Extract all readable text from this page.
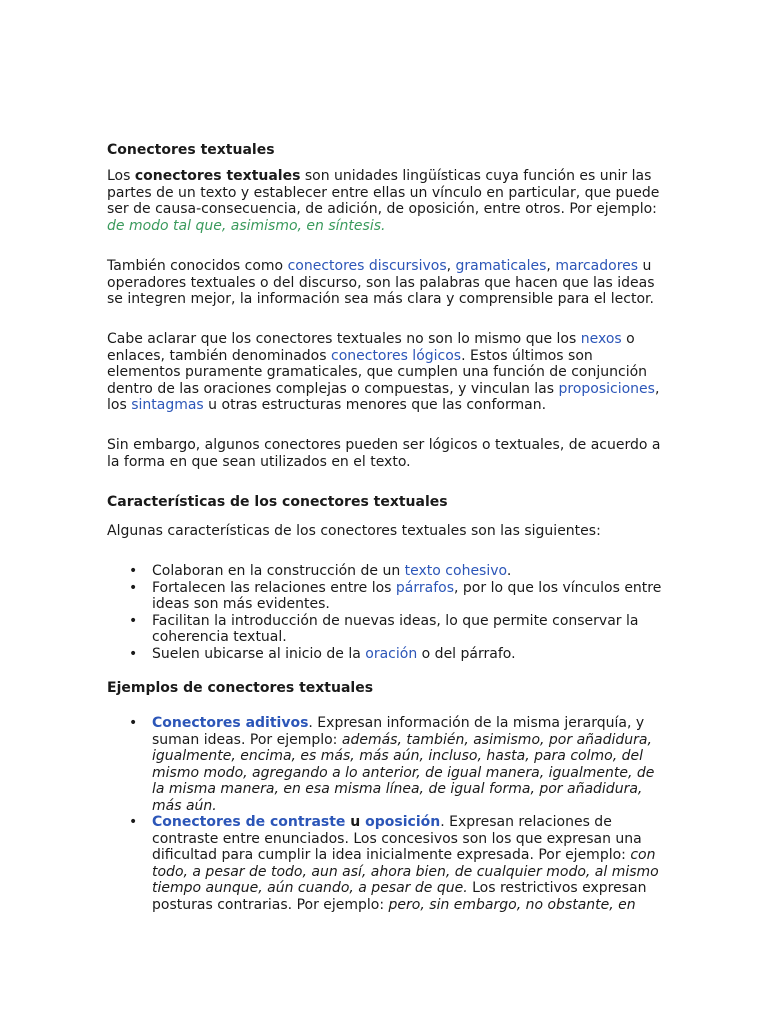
Conectores textuales

Los conectores textuales son unidades lingüísticas cuya función es unir las partes de un texto y establecer entre ellas un vínculo en particular, que puede ser de causa-consecuencia, de adición, de oposición, entre otros. Por ejemplo: de modo tal que, asimismo, en síntesis.

También conocidos como conectores discursivos, gramaticales, marcadores u operadores textuales o del discurso, son las palabras que hacen que las ideas se integren mejor, la información sea más clara y comprensible para el lector.

Cabe aclarar que los conectores textuales no son lo mismo que los nexos o enlaces, también denominados conectores lógicos. Estos últimos son elementos puramente gramaticales, que cumplen una función de conjunción dentro de las oraciones complejas o compuestas, y vinculan las proposiciones, los sintagmas u otras estructuras menores que las conforman.

Sin embargo, algunos conectores pueden ser lógicos o textuales, de acuerdo a la forma en que sean utilizados en el texto.

Características de los conectores textuales

Algunas características de los conectores textuales son las siguientes:

• Colaboran en la construcción de un texto cohesivo.
• Fortalecen las relaciones entre los párrafos, por lo que los vínculos entre ideas son más evidentes.
• Facilitan la introducción de nuevas ideas, lo que permite conservar la coherencia textual.
• Suelen ubicarse al inicio de la oración o del párrafo.

Ejemplos de conectores textuales

• Conectores aditivos. Expresan información de la misma jerarquía, y suman ideas. Por ejemplo: además, también, asimismo, por añadidura, igualmente, encima, es más, más aún, incluso, hasta, para colmo, del mismo modo, agregando a lo anterior, de igual manera, igualmente, de la misma manera, en esa misma línea, de igual forma, por añadidura, más aún.
• Conectores de contraste u oposición. Expresan relaciones de contraste entre enunciados. Los concesivos son los que expresan una dificultad para cumplir la idea inicialmente expresada. Por ejemplo: con todo, a pesar de todo, aun así, ahora bien, de cualquier modo, al mismo tiempo aunque, aún cuando, a pesar de que. Los restrictivos expresan posturas contrarias. Por ejemplo: pero, sin embargo, no obstante, en
